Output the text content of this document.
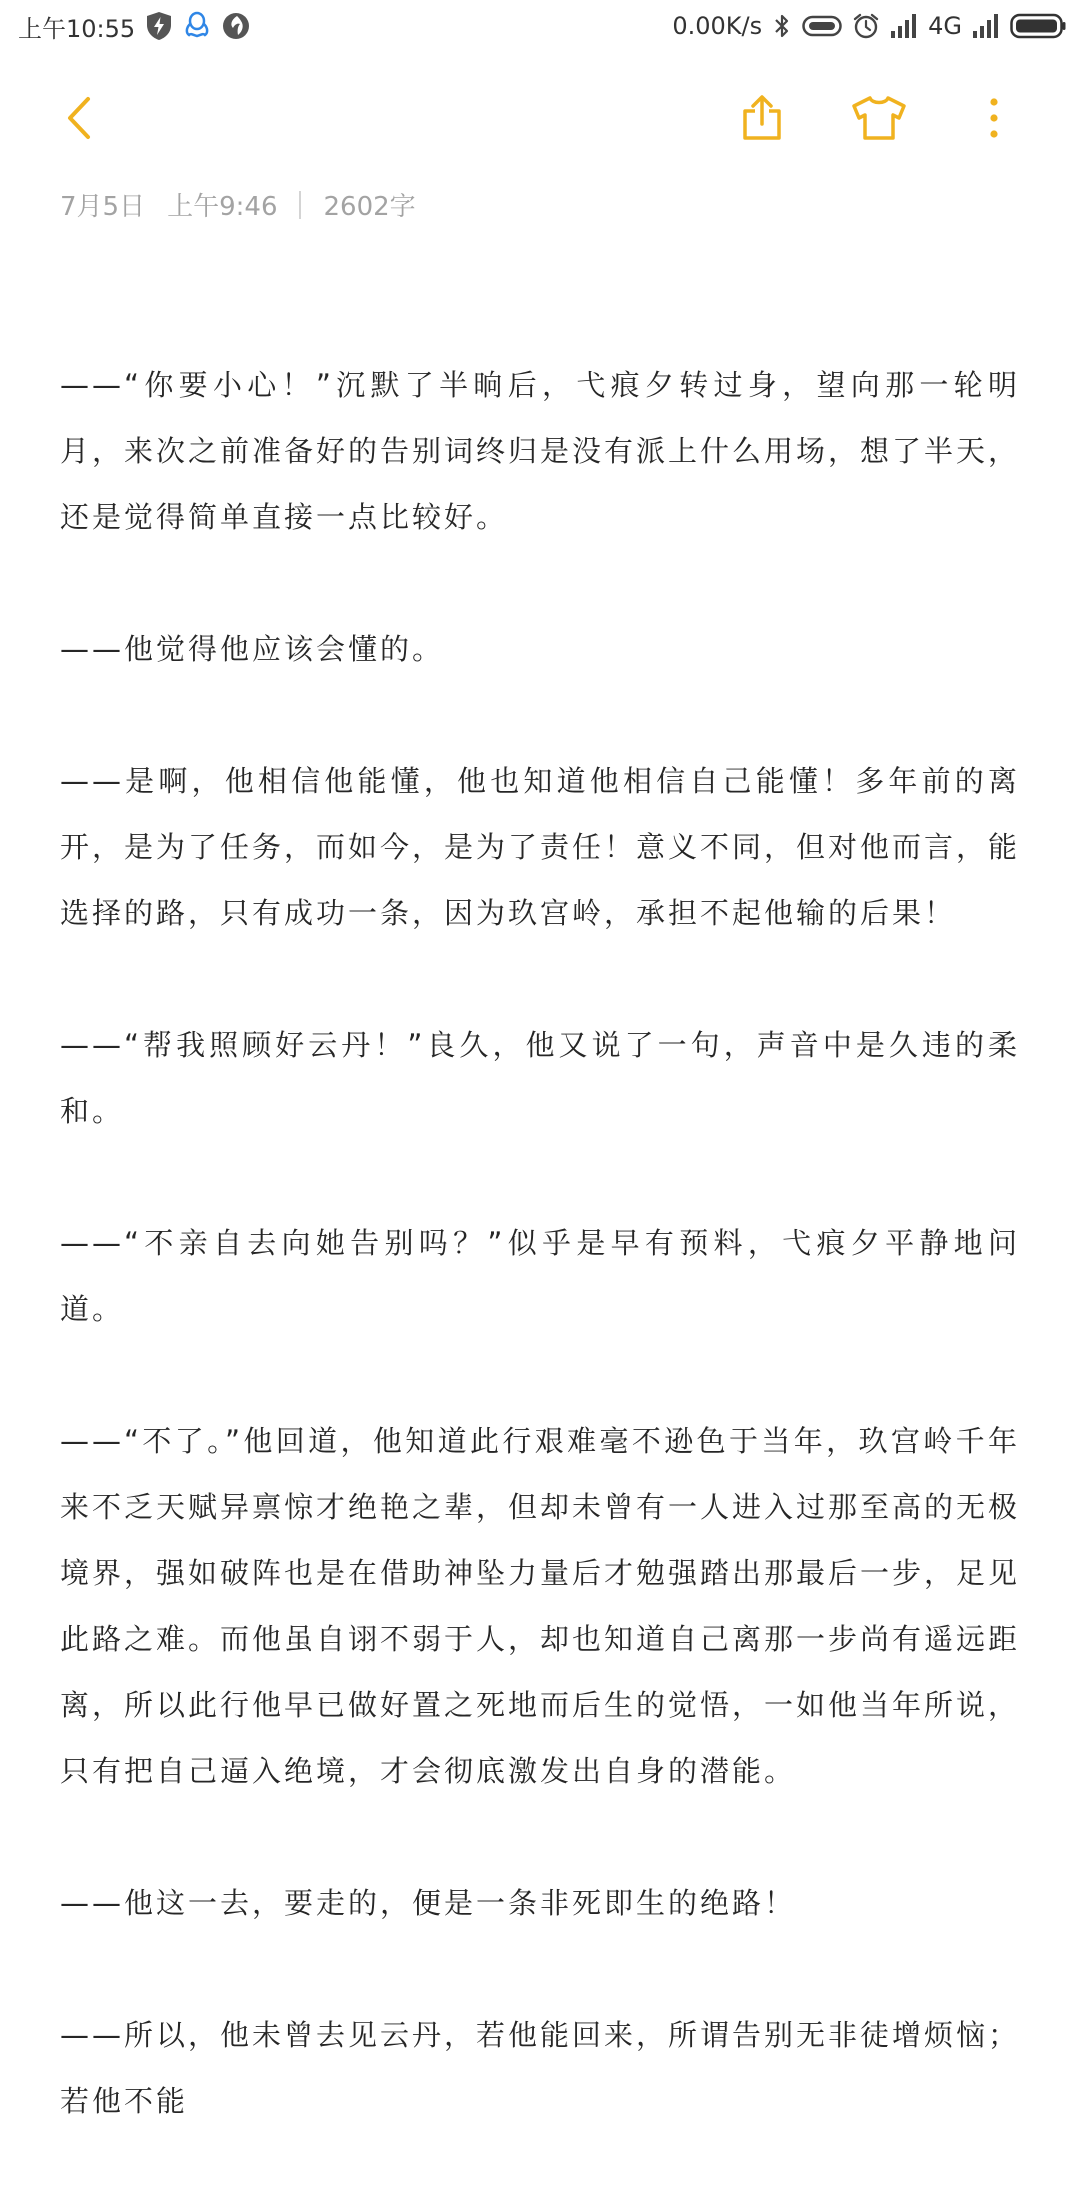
上午10:55	0.00K/s	4G
7月5日 上午9:46 2602字

——“你要小心！”沉默了半晌后，弋痕夕转过身，望向那一轮明月，来次之前准备好的告别词终归是没有派上什么用场，想了半天，还是觉得简单直接一点比较好。

——他觉得他应该会懂的。

——是啊，他相信他能懂，他也知道他相信自己能懂！多年前的离开，是为了任务，而如今，是为了责任！意义不同，但对他而言，能选择的路，只有成功一条，因为玖宫岭，承担不起他输的后果！

——“帮我照顾好云丹！”良久，他又说了一句，声音中是久违的柔和。

——“不亲自去向她告别吗？”似乎是早有预料，弋痕夕平静地问道。

——“不了。”他回道，他知道此行艰难毫不逊色于当年，玖宫岭千年来不乏天赋异禀惊才绝艳之辈，但却未曾有一人进入过那至高的无极境界，强如破阵也是在借助神坠力量后才勉强踏出那最后一步，足见此路之难。而他虽自诩不弱于人，却也知道自己离那一步尚有遥远距离，所以此行他早已做好置之死地而后生的觉悟，一如他当年所说，只有把自己逼入绝境，才会彻底激发出自身的潜能。

——他这一去，要走的，便是一条非死即生的绝路！

——所以，他未曾去见云丹，若他能回来，所谓告别无非徒增烦恼；若他不能
